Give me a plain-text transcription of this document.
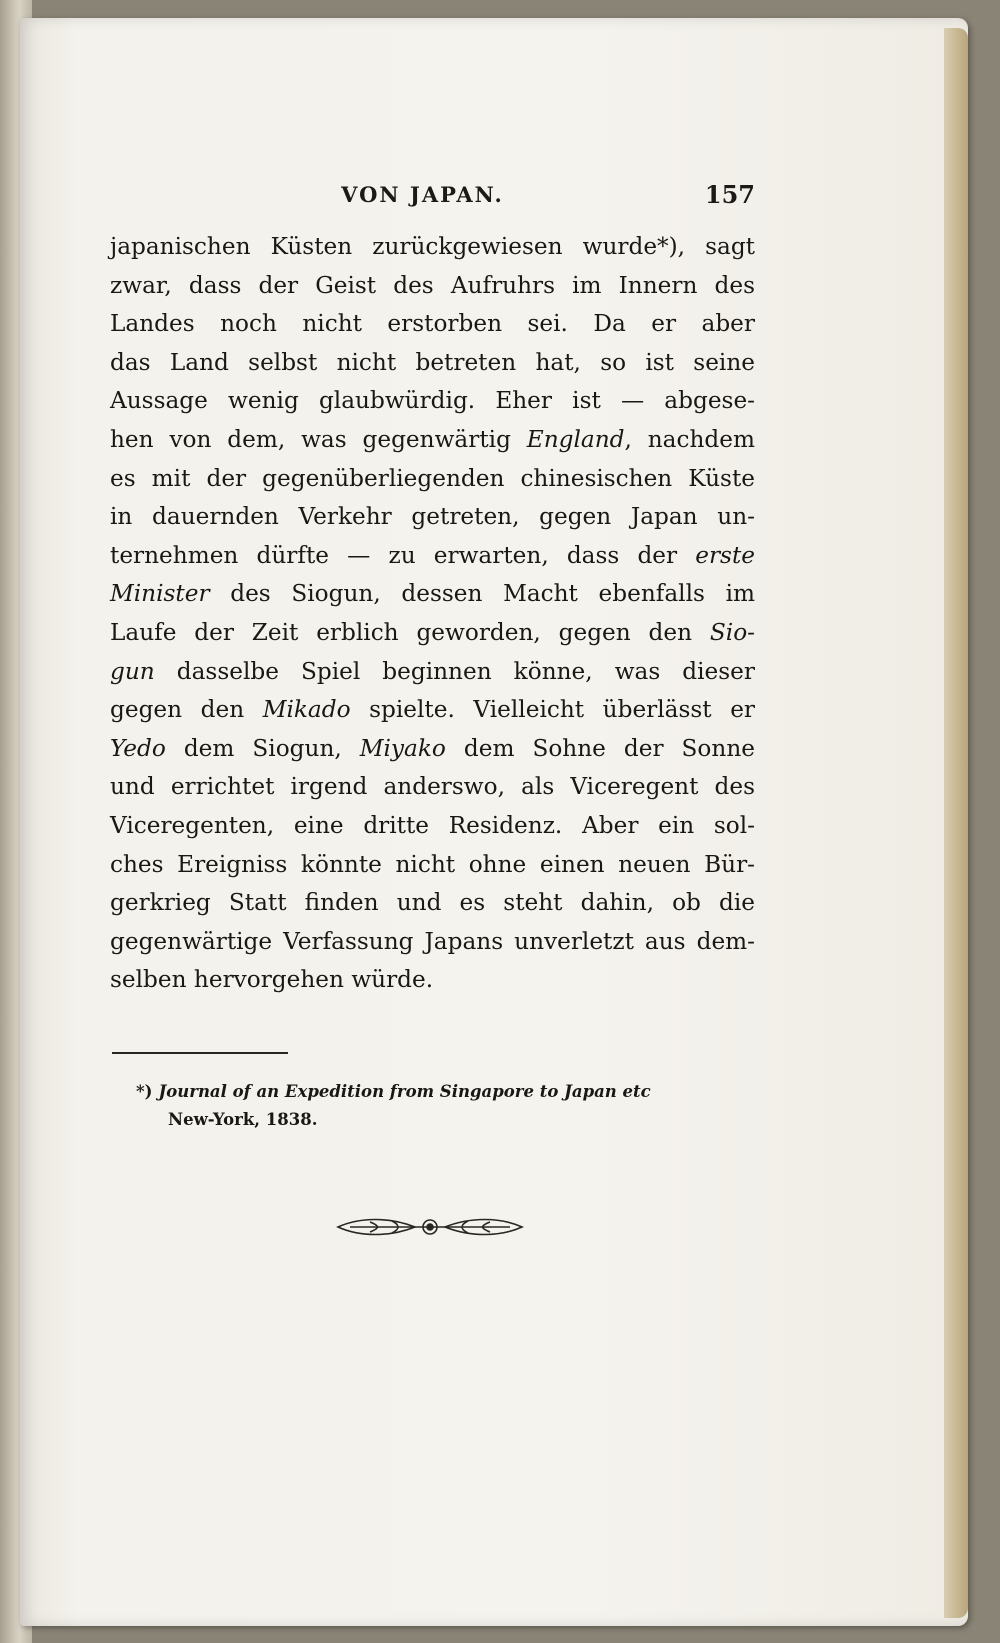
VON JAPAN.	157
japanischen Küsten zurückgewiesen wurde*), sagt
zwar, dass der Geist des Aufruhrs im Innern des
Landes noch nicht erstorben sei. Da er aber
das Land selbst nicht betreten hat, so ist seine
Aussage wenig glaubwürdig. Eher ist — abgese-
hen von dem, was gegenwärtig England, nachdem
es mit der gegenüberliegenden chinesischen Küste
in dauernden Verkehr getreten, gegen Japan un-
ternehmen dürfte — zu erwarten, dass der erste
Minister des Siogun, dessen Macht ebenfalls im
Laufe der Zeit erblich geworden, gegen den Sio-
gun dasselbe Spiel beginnen könne, was dieser
gegen den Mikado spielte. Vielleicht überlässt er
Yedo dem Siogun, Miyako dem Sohne der Sonne
und errichtet irgend anderswo, als Viceregent des
Viceregenten, eine dritte Residenz. Aber ein sol-
ches Ereigniss könnte nicht ohne einen neuen Bür-
gerkrieg Statt finden und es steht dahin, ob die
gegenwärtige Verfassung Japans unverletzt aus dem-
selben hervorgehen würde.
*) Journal of an Expedition from Singapore to Japan etc
New-York, 1838.
